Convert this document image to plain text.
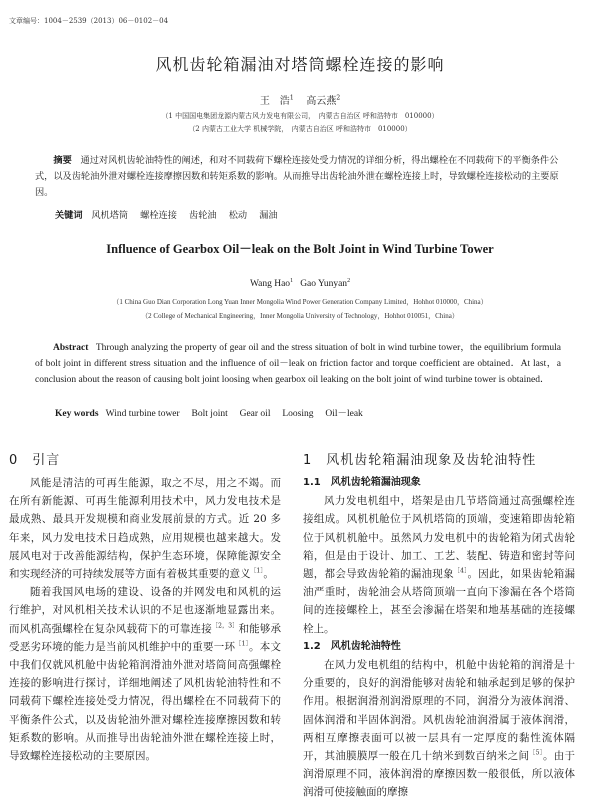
文章编号：1004－2539（2013）06－0102－04
风机齿轮箱漏油对塔筒螺栓连接的影响
王　浩$^1$ 高云燕$^2$
（1 中国国电集团龙源内蒙古风力发电有限公司，　内蒙古自治区 呼和浩特市　010000）
（2 内蒙古工业大学 机械学院，　内蒙古自治区 呼和浩特市　010000）
摘要 通过对风机齿轮油特性的阐述，和对不同载荷下螺栓连接处受力情况的详细分析，得出螺栓在不同载荷下的平衡条件公式，以及齿轮油外泄对螺栓连接摩擦因数和转矩系数的影响。从而推导出齿轮油外泄在螺栓连接上时，导致螺栓连接松动的主要原因。
关键词 风机塔筒　 螺栓连接　 齿轮油　 松动　 漏油
Influence of Gearbox Oil－leak on the Bolt Joint in Wind Turbine Tower
Wang Hao$^1$ Gao Yunyan$^2$
（1 China Guo Dian Corporation Long Yuan Inner Mongolia Wind Power Generation Company Limited，Hohhot 010000，China）
（2 College of Mechanical Engineering，Inner Mongolia University of Technology，Hohhot 010051，China）
Abstract Through analyzing the property of gear oil and the stress situation of bolt in wind turbine tower，the equilibrium formula of bolt joint in different stress situation and the influence of oil－leak on friction factor and torque coefficient are obtained．At last，a conclusion about the reason of causing bolt joint loosing when gearbox oil leaking on the bolt joint of wind turbine tower is obtained．
Key words Wind turbine tower　 Bolt joint　 Gear oil　 Loosing　 Oil－leak
0　引言

风能是清洁的可再生能源，取之不尽，用之不竭。而在所有新能源、可再生能源利用技术中，风力发电技术是最成熟、最具开发规模和商业发展前景的方式。近 20 多年来，风力发电技术日趋成熟，应用规模也越来越大。发展风电对于改善能源结构，保护生态环境，保障能源安全和实现经济的可持续发展等方面有着极其重要的意义$^{[1]}$。

随着我国风电场的建设、设备的并网发电和风机的运行维护，对风机相关技术认识的不足也逐渐地显露出来。而风机高强螺栓在复杂风载荷下的可靠连接$^{[2,3]}$和能够承受恶劣环境的能力是当前风机维护中的重要一环$^{[1]}$。本文中我们仅就风机舱中齿轮箱润滑油外泄对塔筒间高强螺栓连接的影响进行探讨，详细地阐述了风机齿轮油特性和不同载荷下螺栓连接处受力情况，得出螺栓在不同载荷下的平衡条件公式，以及齿轮油外泄对螺栓连接摩擦因数和转矩系数的影响。从而推导出齿轮油外泄在螺栓连接上时，导致螺栓连接松动的主要原因。

1　风机齿轮箱漏油现象及齿轮油特性
1.1　风机齿轮箱漏油现象

风力发电机组中，塔架是由几节塔筒通过高强螺栓连接组成。风机机舱位于风机塔筒的顶端，变速箱即齿轮箱位于风机机舱中。虽然风力发电机中的齿轮箱为闭式齿轮箱，但是由于设计、加工、工艺、装配、铸造和密封等问题，都会导致齿轮箱的漏油现象$^{[4]}$。因此，如果齿轮箱漏油严重时，齿轮油会从塔筒顶端一直向下渗漏在各个塔筒间的连接螺栓上，甚至会渗漏在塔架和地基基础的连接螺栓上。

1.2　风机齿轮油特性

在风力发电机组的结构中，机舱中齿轮箱的润滑是十分重要的，良好的润滑能够对齿轮和轴承起到足够的保护作用。根据润滑剂润滑原理的不同，润滑分为液体润滑、固体润滑和半固体润滑。风机齿轮油润滑属于液体润滑，两相互摩擦表面可以被一层具有一定厚度的黏性流体隔开，其油膜膜厚一般在几十纳米到数百纳米之间$^{[5]}$。由于润滑原理不同，液体润滑的摩擦因数一般很低，所以液体润滑可使接触面的摩擦
